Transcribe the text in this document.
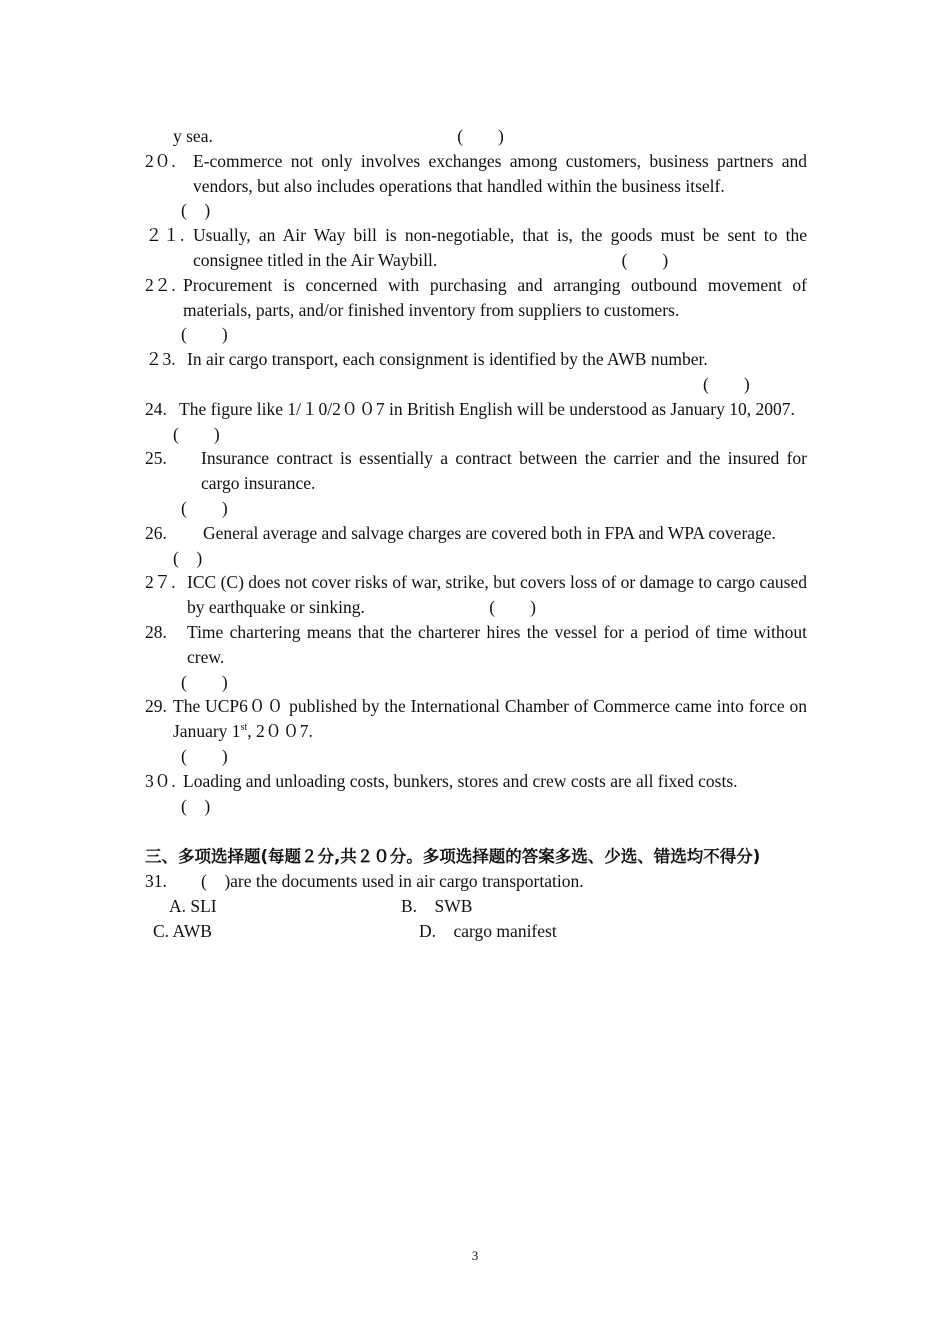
y sea.	(　　)

2０. E-commerce not only involves exchanges among customers, business partners and vendors, but also includes operations that handled within the business itself.
(　)

２１. Usually, an Air Way bill is non-negotiable, that is, the goods must be sent to the consignee titled in the Air Waybill.	(　　)

2２. Procurement is concerned with purchasing and arranging outbound movement of materials, parts, and/or finished inventory from suppliers to customers.
(　　)

２3. In air cargo transport, each consignment is identified by the AWB number.
(　　)

24. The figure like 1/１0/2００7 in British English will be understood as January 10, 2007.
(　　)

25.	Insurance contract is essentially a contract between the carrier and the insured for cargo insurance.
(　　)

26.	General average and salvage charges are covered both in FPA and WPA coverage.
(　)

2７. ICC (C) does not cover risks of war, strike, but covers loss of or damage to cargo caused by earthquake or sinking.	(　　)

28.	Time chartering means that the charterer hires the vessel for a period of time without crew.
(　　)

29. The UCP6００ published by the International Chamber of Commerce came into force on January 1st, 2００7.
(　　)

3０. Loading and unloading costs, bunkers, stores and crew costs are all fixed costs.
(　)

三、多项选择题(每题２分,共２０分。多项选择题的答案多选、少选、错选均不得分)

31.	(　)are the documents used in air cargo transportation.

A. SLI	B.　SWB
C. AWB	D.　cargo manifest
3
